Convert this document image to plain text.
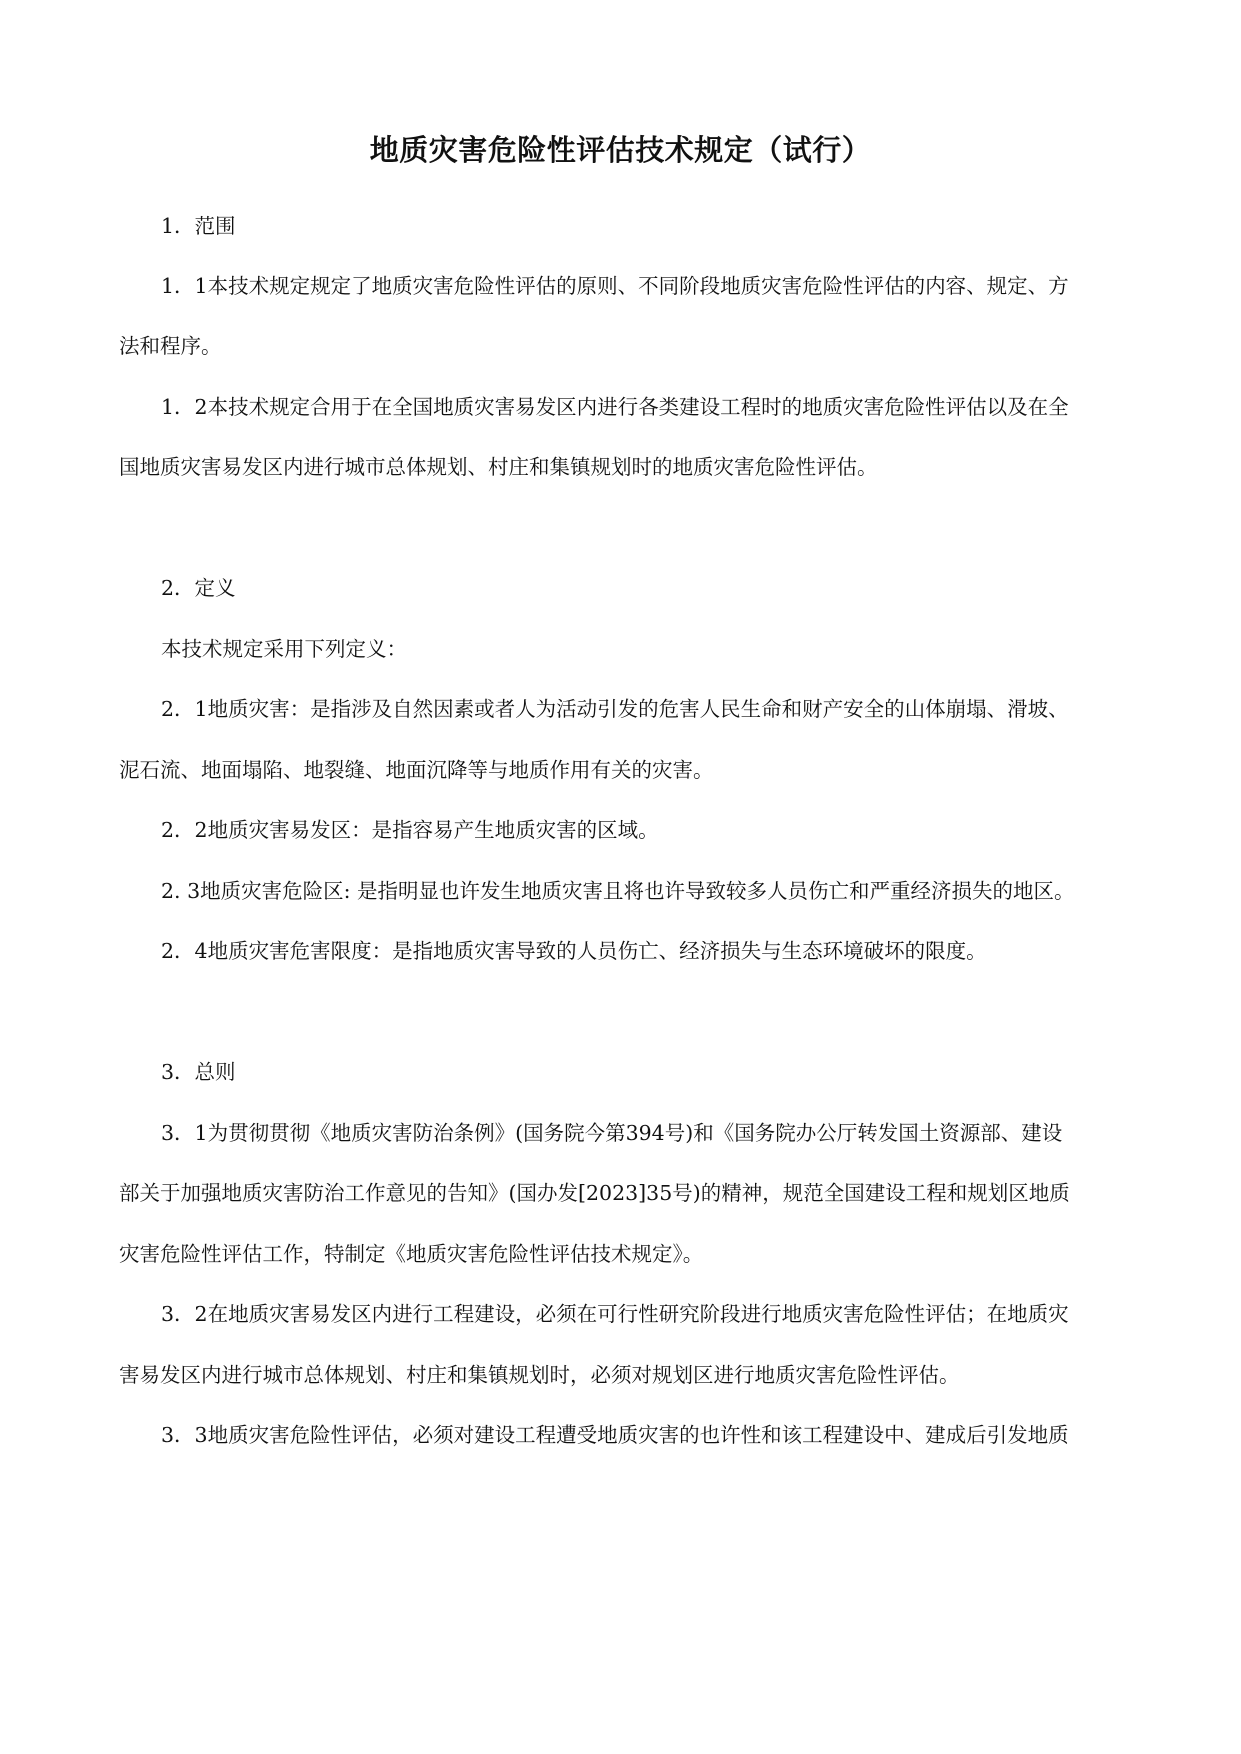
地质灾害危险性评估技术规定（试行）

1．范围

1．1本技术规定规定了地质灾害危险性评估的原则、不同阶段地质灾害危险性评估的内容、规定、方

法和程序。

1．2本技术规定合用于在全国地质灾害易发区内进行各类建设工程时的地质灾害危险性评估以及在全

国地质灾害易发区内进行城市总体规划、村庄和集镇规划时的地质灾害危险性评估。

2．定义

本技术规定采用下列定义：

2．1地质灾害：是指涉及自然因素或者人为活动引发的危害人民生命和财产安全的山体崩塌、滑坡、

泥石流、地面塌陷、地裂缝、地面沉降等与地质作用有关的灾害。

2．2地质灾害易发区：是指容易产生地质灾害的区域。

2. 3地质灾害危险区: 是指明显也许发生地质灾害且将也许导致较多人员伤亡和严重经济损失的地区。

2．4地质灾害危害限度：是指地质灾害导致的人员伤亡、经济损失与生态环境破坏的限度。

3．总则

3．1为贯彻贯彻《地质灾害防治条例》(国务院今第394号)和《国务院办公厅转发国土资源部、建设

部关于加强地质灾害防治工作意见的告知》(国办发[2023]35号)的精神，规范全国建设工程和规划区地质

灾害危险性评估工作，特制定《地质灾害危险性评估技术规定》。

3．2在地质灾害易发区内进行工程建设，必须在可行性研究阶段进行地质灾害危险性评估；在地质灾

害易发区内进行城市总体规划、村庄和集镇规划时，必须对规划区进行地质灾害危险性评估。

3．3地质灾害危险性评估，必须对建设工程遭受地质灾害的也许性和该工程建设中、建成后引发地质
